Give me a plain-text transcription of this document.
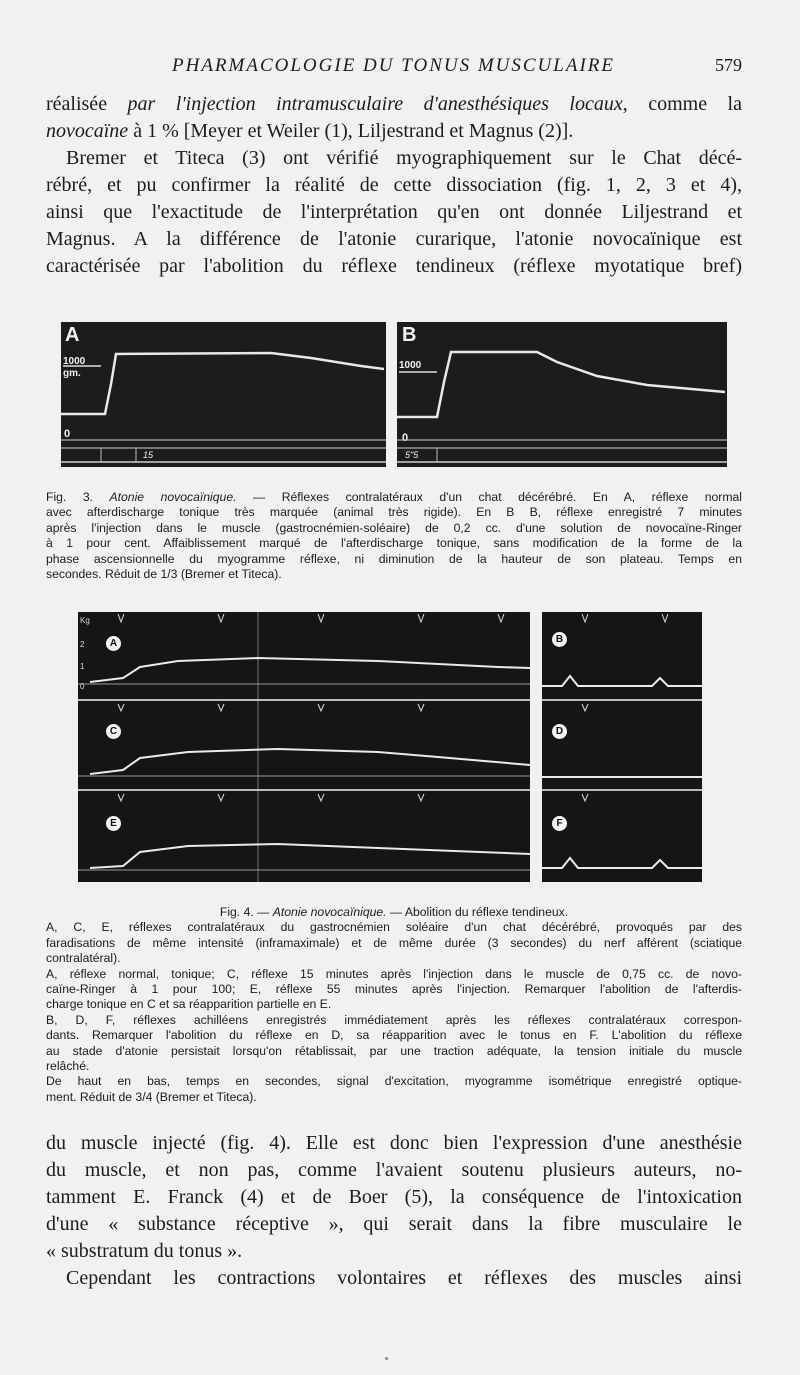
PHARMACOLOGIE DU TONUS MUSCULAIRE	579
réalisée par l'injection intramusculaire d'anesthésiques locaux, comme la
novocaïne à 1 % [Meyer et Weiler (1), Liljestrand et Magnus (2)].
Bremer et Titeca (3) ont vérifié myographiquement sur le Chat décé-
rébré, et pu confirmer la réalité de cette dissociation (fig. 1, 2, 3 et 4),
ainsi que l'exactitude de l'interprétation qu'en ont donnée Liljestrand et
Magnus. A la différence de l'atonie curarique, l'atonie novocaïnique est
caractérisée par l'abolition du réflexe tendineux (réflexe myotatique bref)
A
1000
gm.
0
15
B
1000
0
5"5
Fig. 3. Atonie novocaïnique. — Réflexes contralatéraux d'un chat décérébré. En A, réflexe normal
avec afterdischarge tonique très marquée (animal très rigide). En B B, réflexe enregistré 7 minutes
après l'injection dans le muscle (gastrocnémien-soléaire) de 0,2 cc. d'une solution de novocaïne-Ringer
à 1 pour cent. Affaiblissement marqué de l'afterdischarge tonique, sans modification de la forme de la
phase ascensionnelle du myogramme réflexe, ni diminution de la hauteur de son plateau. Temps en
secondes. Réduit de 1/3 (Bremer et Titeca).
A
C
E
Kg
2
1
0
B
D
F
Fig. 4. — Atonie novocaïnique. — Abolition du réflexe tendineux.
A, C, E, réflexes contralatéraux du gastrocnémien soléaire d'un chat décérébré, provoqués par des
faradisations de même intensité (inframaximale) et de même durée (3 secondes) du nerf afférent (sciatique
contralatéral).
A, réflexe normal, tonique; C, réflexe 15 minutes après l'injection dans le muscle de 0,75 cc. de novo-
caïne-Ringer à 1 pour 100; E, réflexe 55 minutes après l'injection. Remarquer l'abolition de l'afterdis-
charge tonique en C et sa réapparition partielle en E.
B, D, F, réflexes achilléens enregistrés immédiatement après les réflexes contralatéraux correspon-
dants. Remarquer l'abolition du réflexe en D, sa réapparition avec le tonus en F. L'abolition du réflexe
au stade d'atonie persistait lorsqu'on rétablissait, par une traction adéquate, la tension initiale du muscle
relâché.
De haut en bas, temps en secondes, signal d'excitation, myogramme isométrique enregistré optique-
ment. Réduit de 3/4 (Bremer et Titeca).
du muscle injecté (fig. 4). Elle est donc bien l'expression d'une anesthésie
du muscle, et non pas, comme l'avaient soutenu plusieurs auteurs, no-
tamment E. Franck (4) et de Boer (5), la conséquence de l'intoxication
d'une « substance réceptive », qui serait dans la fibre musculaire le
« substratum du tonus ».
Cependant les contractions volontaires et réflexes des muscles ainsi
